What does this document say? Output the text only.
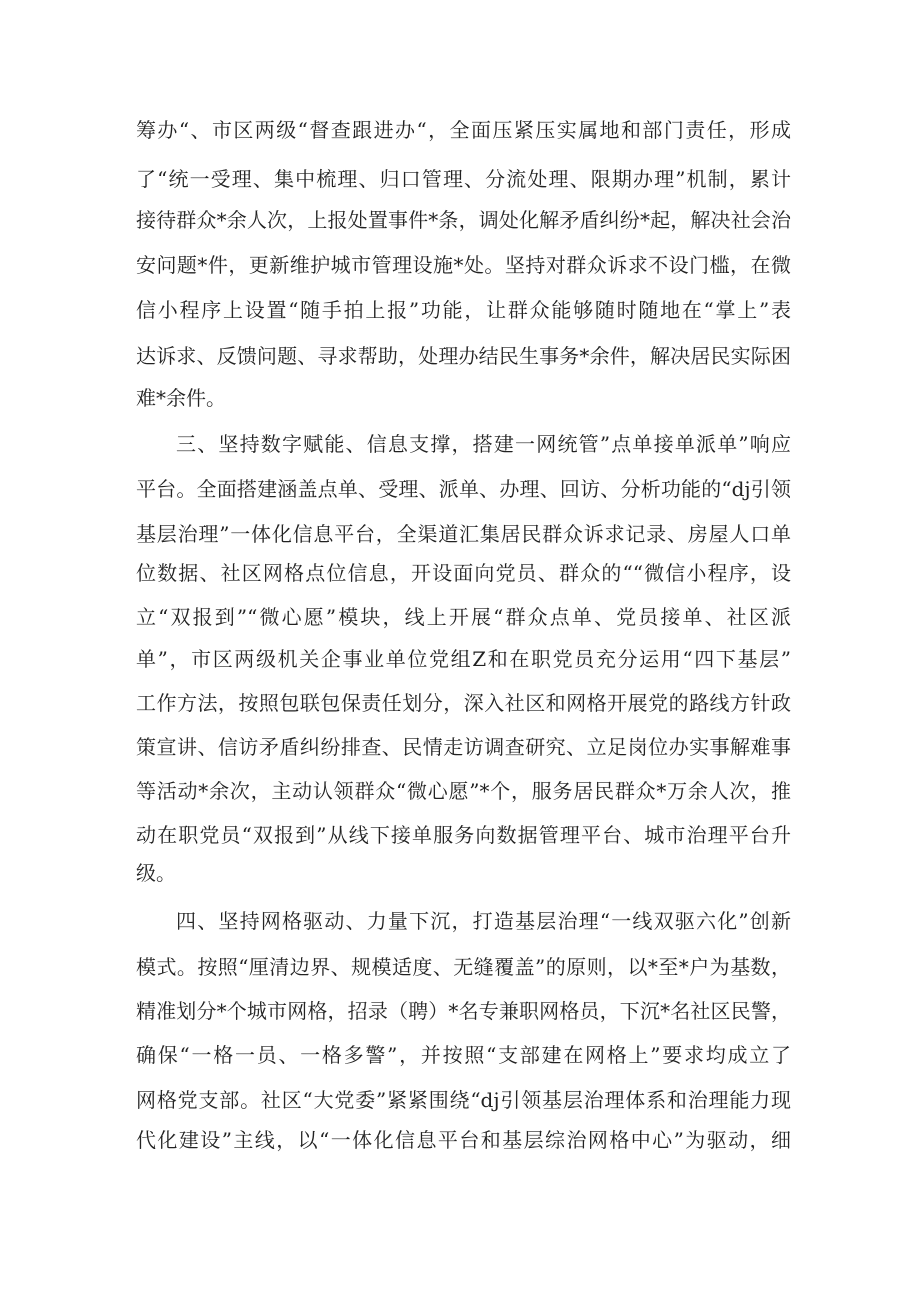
筹办“、市区两级“督查跟进办“，全面压紧压实属地和部门责任，形成
了“统一受理、集中梳理、归口管理、分流处理、限期办理”机制，累计
接待群众*余人次，上报处置事件*条，调处化解矛盾纠纷*起，解决社会治
安问题*件，更新维护城市管理设施*处。坚持对群众诉求不设门槛，在微
信小程序上设置“随手拍上报”功能，让群众能够随时随地在“掌上”表
达诉求、反馈问题、寻求帮助，处理办结民生事务*余件，解决居民实际困
难*余件。
三、坚持数字赋能、信息支撑，搭建一网统管”点单接单派单”响应
平台。全面搭建涵盖点单、受理、派单、办理、回访、分析功能的“dj引领
基层治理”一体化信息平台，全渠道汇集居民群众诉求记录、房屋人口单
位数据、社区网格点位信息，开设面向党员、群众的““微信小程序，设
立“双报到”“微心愿”模块，线上开展“群众点单、党员接单、社区派
单”，市区两级机关企事业单位党组Z和在职党员充分运用“四下基层”
工作方法，按照包联包保责任划分，深入社区和网格开展党的路线方针政
策宣讲、信访矛盾纠纷排查、民情走访调查研究、立足岗位办实事解难事
等活动*余次，主动认领群众“微心愿”*个，服务居民群众*万余人次，推
动在职党员“双报到”从线下接单服务向数据管理平台、城市治理平台升
级。
四、坚持网格驱动、力量下沉，打造基层治理“一线双驱六化”创新
模式。按照“厘清边界、规模适度、无缝覆盖”的原则，以*至*户为基数，
精准划分*个城市网格，招录（聘）*名专兼职网格员，下沉*名社区民警，
确保“一格一员、一格多警”，并按照“支部建在网格上”要求均成立了
网格党支部。社区“大党委”紧紧围绕“dj引领基层治理体系和治理能力现
代化建设”主线，以“一体化信息平台和基层综治网格中心”为驱动，细
